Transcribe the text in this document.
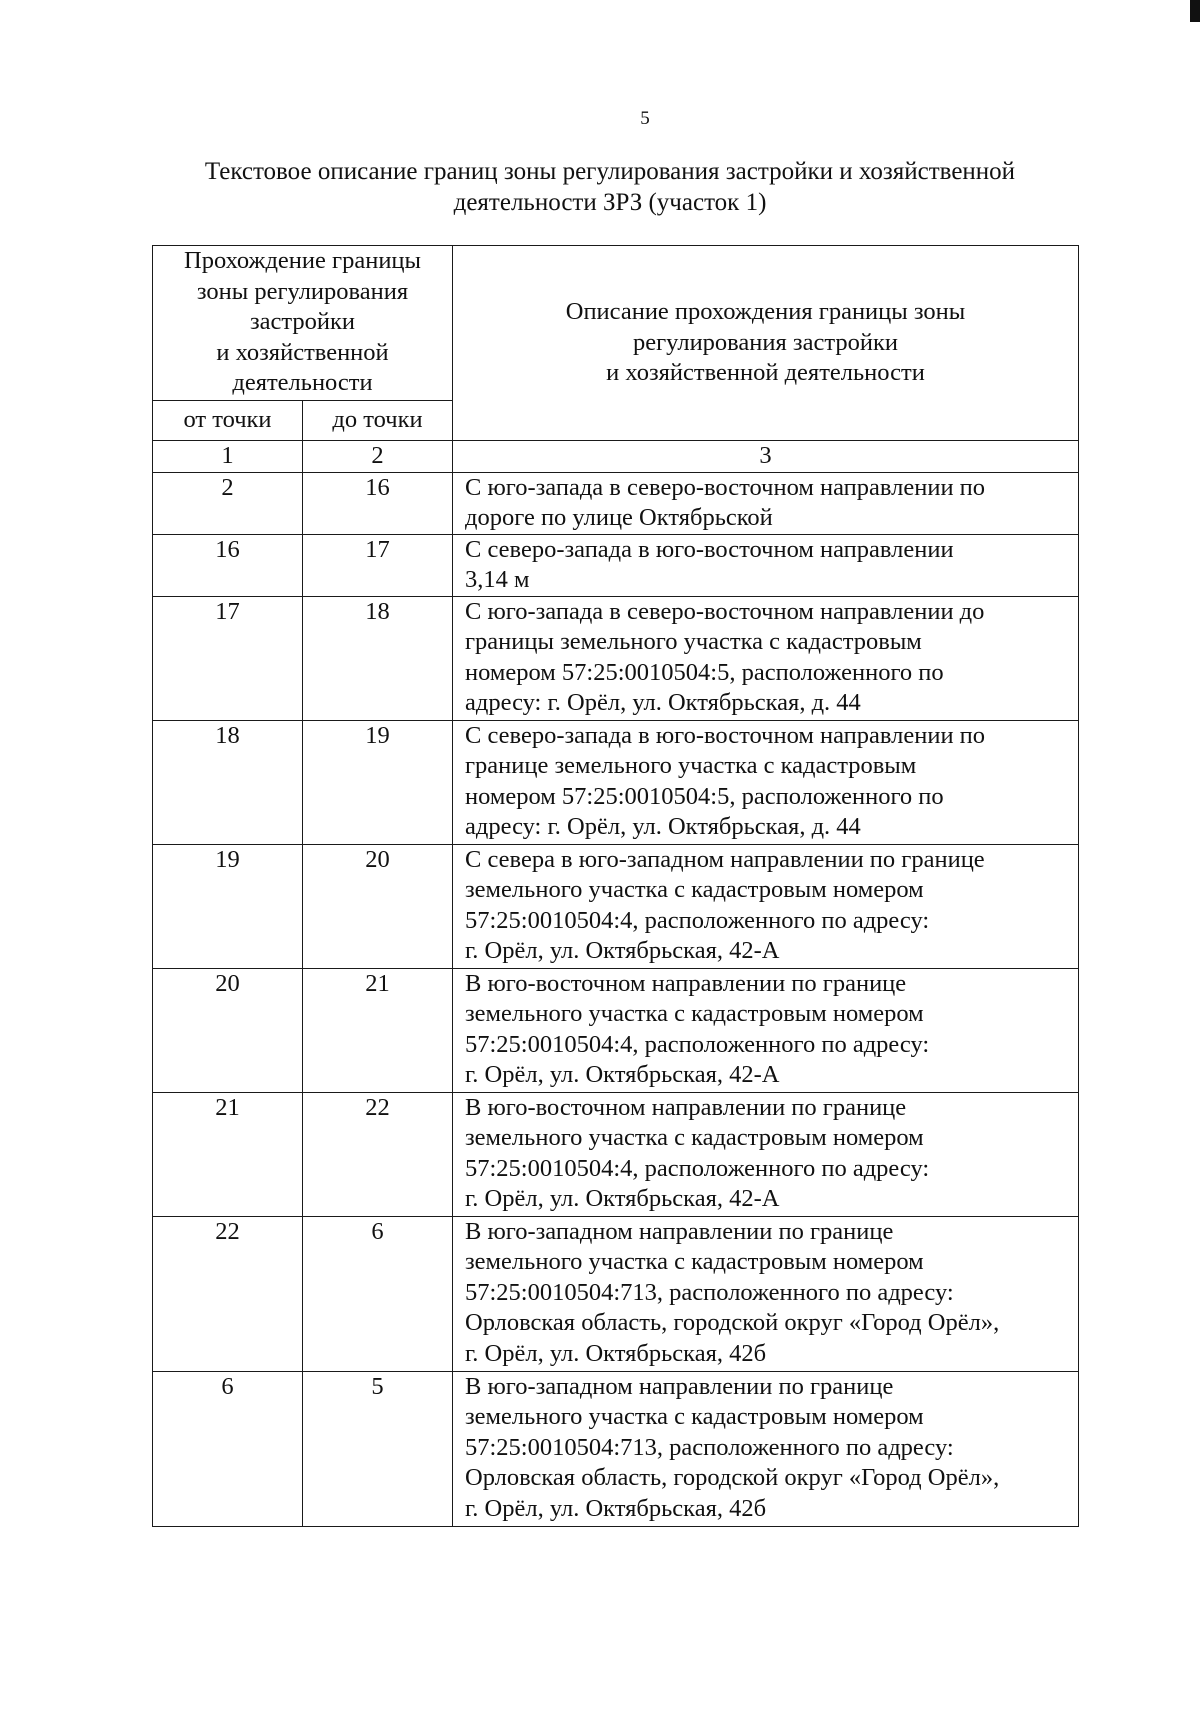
5
Текстовое описание границ зоны регулирования застройки и хозяйственной
деятельности ЗРЗ (участок 1)
Прохождение границы
зоны регулирования
застройки
и хозяйственной
деятельности		Описание прохождения границы зоны
регулирования застройки
и хозяйственной деятельности
от точки	до точки	
1	2	3
2	16	С юго-запада в северо-восточном направлении по
дороге по улице Октябрьской
16	17	С северо-запада в юго-восточном направлении
3,14 м
17	18	С юго-запада в северо-восточном направлении до
границы земельного участка с кадастровым
номером 57:25:0010504:5, расположенного по
адресу: г. Орёл, ул. Октябрьская, д. 44
18	19	С северо-запада в юго-восточном направлении по
границе земельного участка с кадастровым
номером 57:25:0010504:5, расположенного по
адресу: г. Орёл, ул. Октябрьская, д. 44
19	20	С севера в юго-западном направлении по границе
земельного участка с кадастровым номером
57:25:0010504:4, расположенного по адресу:
г. Орёл, ул. Октябрьская, 42-А
20	21	В юго-восточном направлении по границе
земельного участка с кадастровым номером
57:25:0010504:4, расположенного по адресу:
г. Орёл, ул. Октябрьская, 42-А
21	22	В юго-восточном направлении по границе
земельного участка с кадастровым номером
57:25:0010504:4, расположенного по адресу:
г. Орёл, ул. Октябрьская, 42-А
22	6	В юго-западном направлении по границе
земельного участка с кадастровым номером
57:25:0010504:713, расположенного по адресу:
Орловская область, городской округ «Город Орёл»,
г. Орёл, ул. Октябрьская, 42б
6	5	В юго-западном направлении по границе
земельного участка с кадастровым номером
57:25:0010504:713, расположенного по адресу:
Орловская область, городской округ «Город Орёл»,
г. Орёл, ул. Октябрьская, 42б
